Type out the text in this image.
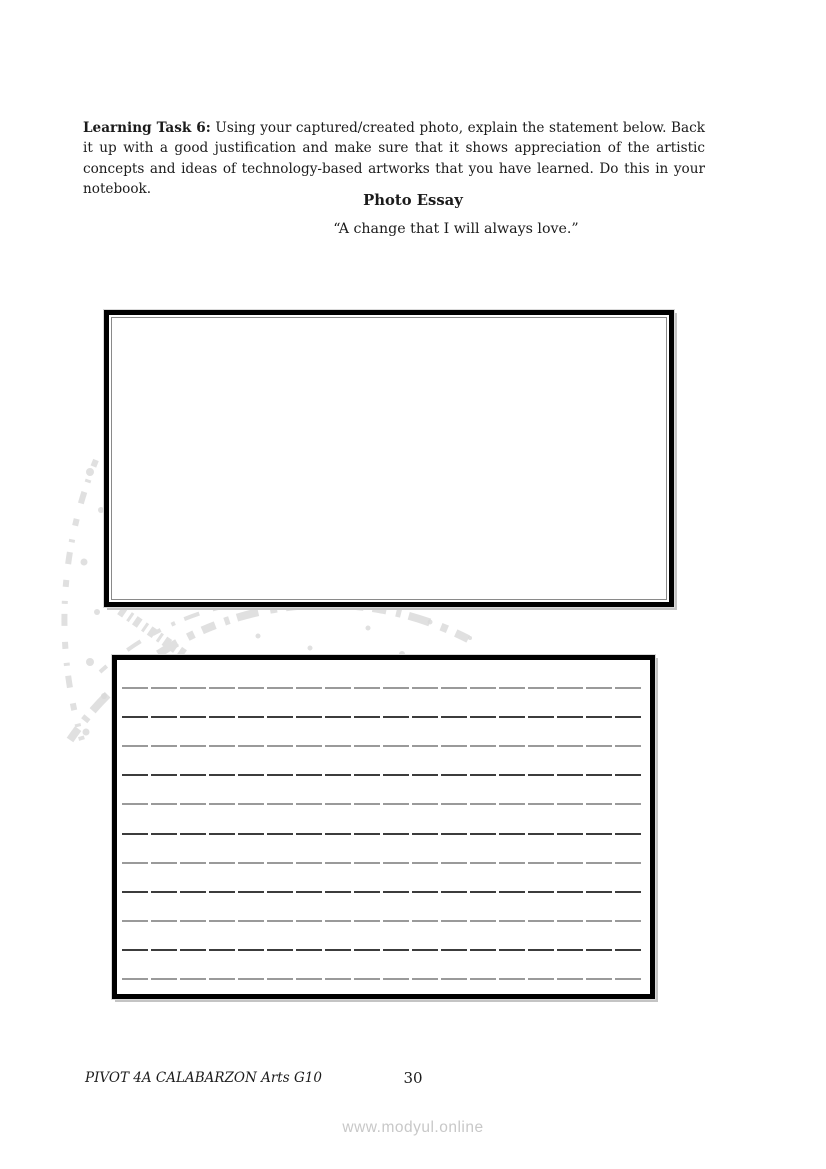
Learning Task 6: Using your captured/created photo, explain the statement below. Back it up with a good justification and make sure that it shows appreciation of the artistic concepts and ideas of technology-based artworks that you have learned. Do this in your notebook.

Photo Essay
“A change that I will always love.”
PIVOT 4A CALABARZON Arts G10	30
www.modyul.online
